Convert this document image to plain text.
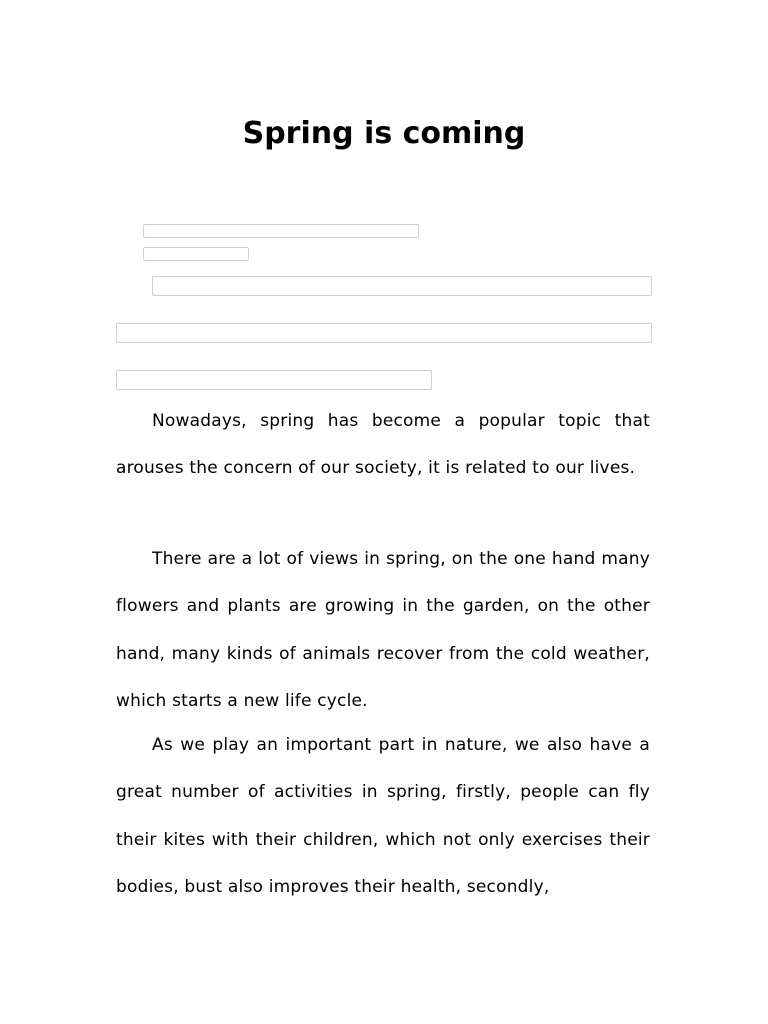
Spring is coming

Nowadays, spring has become a popular topic that arouses the concern of our society, it is related to our lives.

There are a lot of views in spring, on the one hand many flowers and plants are growing in the garden, on the other hand, many kinds of animals recover from the cold weather, which starts a new life cycle.

As we play an important part in nature, we also have a great number of activities in spring, firstly, people can fly their kites with their children, which not only exercises their bodies, bust also improves their health, secondly,
